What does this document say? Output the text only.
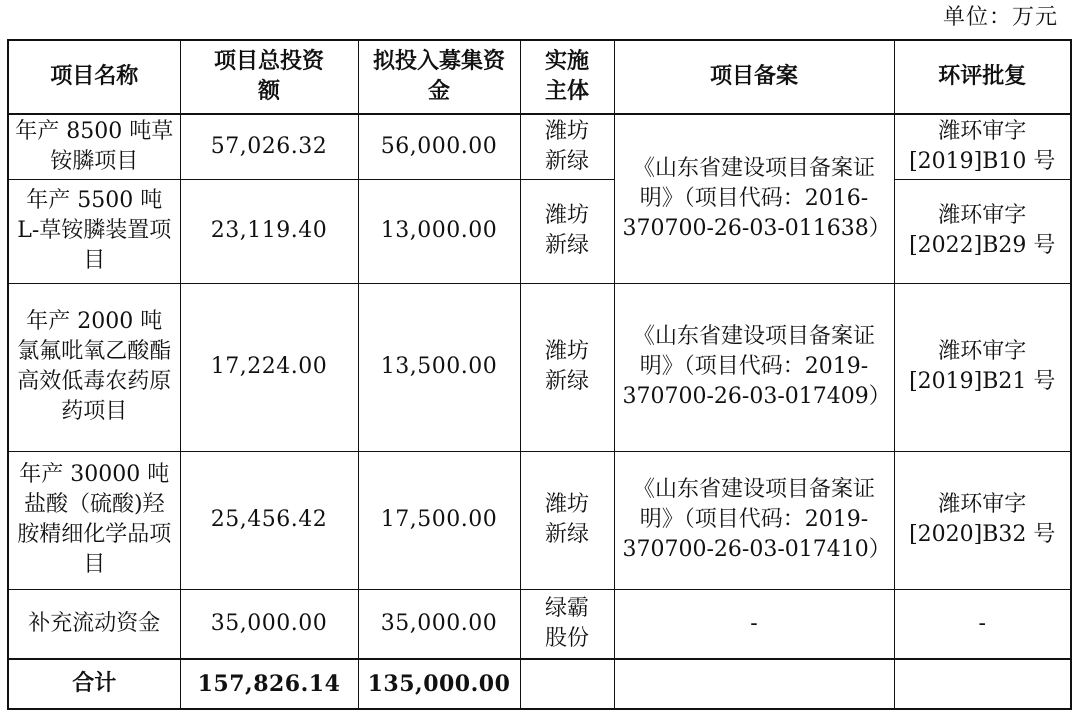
单位：万元
项目名称	项目总投资额	拟投入募集资金	实施主体	项目备案	环评批复
年产 8500 吨草铵膦项目	57,026.32	56,000.00	潍坊新绿	《山东省建设项目备案证明》（项目代码：2016-370700-26-03-011638）	潍环审字[2019]B10 号
年产 5500 吨L-草铵膦装置项目	23,119.40	13,000.00	潍坊新绿		潍环审字[2022]B29 号
年产 2000 吨氯氟吡氧乙酸酯高效低毒农药原药项目	17,224.00	13,500.00	潍坊新绿	《山东省建设项目备案证明》（项目代码：2019-370700-26-03-017409）	潍环审字[2019]B21 号
年产 30000 吨盐酸（硫酸)羟胺精细化学品项目	25,456.42	17,500.00	潍坊新绿	《山东省建设项目备案证明》（项目代码：2019-370700-26-03-017410）	潍环审字[2020]B32 号
补充流动资金	35,000.00	35,000.00	绿霸股份	-	-
合计	157,826.14	135,000.00			
